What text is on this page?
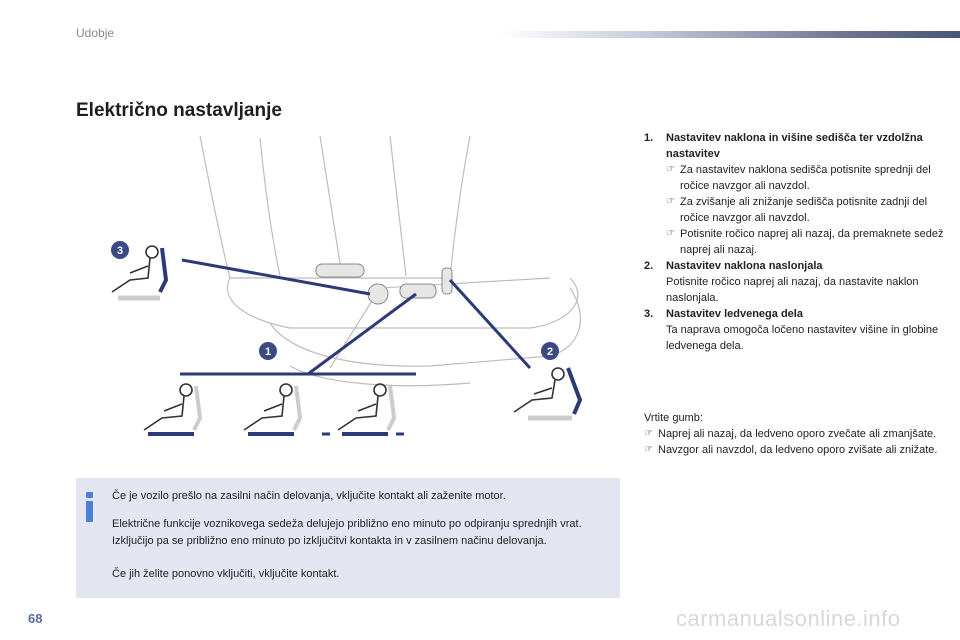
Udobje
Električno nastavljanje
3
1	2
1. Nastavitev naklona in višine sedišča ter vzdolžna nastavitev
☞ Za nastavitev naklona sedišča potisnite sprednji del ročice navzgor ali navzdol.
☞ Za zvišanje ali znižanje sedišča potisnite zadnji del ročice navzgor ali navzdol.
☞ Potisnite ročico naprej ali nazaj, da premaknete sedež naprej ali nazaj.
2. Nastavitev naklona naslonjala
Potisnite ročico naprej ali nazaj, da nastavite naklon naslonjala.
3. Nastavitev ledvenega dela
Ta naprava omogoča ločeno nastavitev višine in globine ledvenega dela.
Vrtite gumb:
☞ Naprej ali nazaj, da ledveno oporo zvečate ali zmanjšate.
☞ Navzgor ali navzdol, da ledveno oporo zvišate ali znižate.
Če je vozilo prešlo na zasilni način delovanja, vključite kontakt ali zaženite motor.
Električne funkcije voznikovega sedeža delujejo približno eno minuto po odpiranju sprednjih vrat. Izključijo pa se približno eno minuto po izključitvi kontakta in v zasilnem načinu delovanja.
Če jih želite ponovno vključiti, vključite kontakt.
68	carmanualsonline.info
